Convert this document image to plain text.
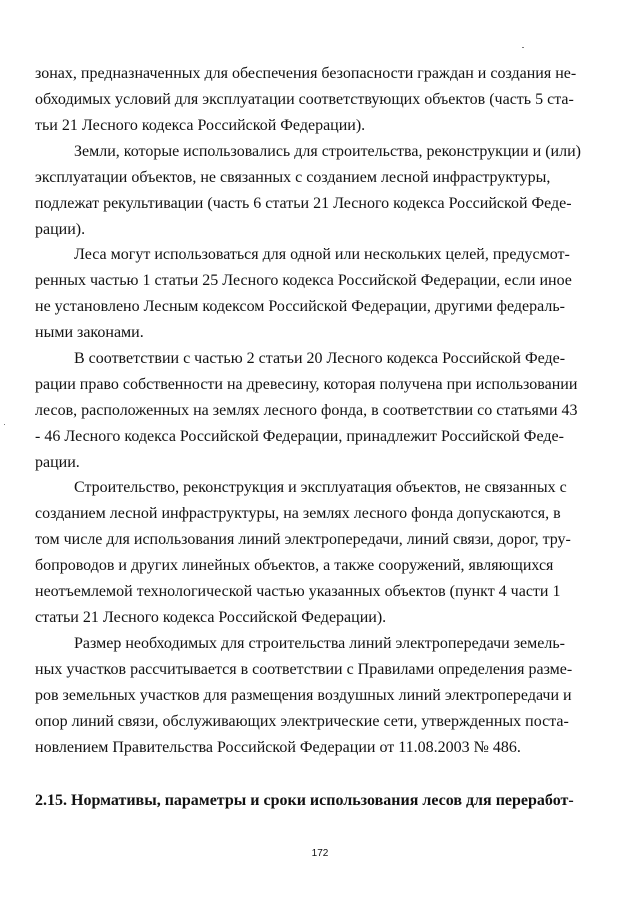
зонах, предназначенных для обеспечения безопасности граждан и создания не-
обходимых условий для эксплуатации соответствующих объектов (часть 5 ста-
тьи 21 Лесного кодекса Российской Федерации).
Земли, которые использовались для строительства, реконструкции и (или)
эксплуатации объектов, не связанных с созданием лесной инфраструктуры,
подлежат рекультивации (часть 6 статьи 21 Лесного кодекса Российской Феде-
рации).
Леса могут использоваться для одной или нескольких целей, предусмот-
ренных частью 1 статьи 25 Лесного кодекса Российской Федерации, если иное
не установлено Лесным кодексом Российской Федерации, другими федераль-
ными законами.
В соответствии с частью 2 статьи 20 Лесного кодекса Российской Феде-
рации право собственности на древесину, которая получена при использовании
лесов, расположенных на землях лесного фонда, в соответствии со статьями 43
- 46 Лесного кодекса Российской Федерации, принадлежит Российской Феде-
рации.
Строительство, реконструкция и эксплуатация объектов, не связанных с
созданием лесной инфраструктуры, на землях лесного фонда допускаются, в
том числе для использования линий электропередачи, линий связи, дорог, тру-
бопроводов и других линейных объектов, а также сооружений, являющихся
неотъемлемой технологической частью указанных объектов (пункт 4 части 1
статьи 21 Лесного кодекса Российской Федерации).
Размер необходимых для строительства линий электропередачи земель-
ных участков рассчитывается в соответствии с Правилами определения разме-
ров земельных участков для размещения воздушных линий электропередачи и
опор линий связи, обслуживающих электрические сети, утвержденных поста-
новлением Правительства Российской Федерации от 11.08.2003 № 486.
2.15. Нормативы, параметры и сроки использования лесов для переработ-
172
